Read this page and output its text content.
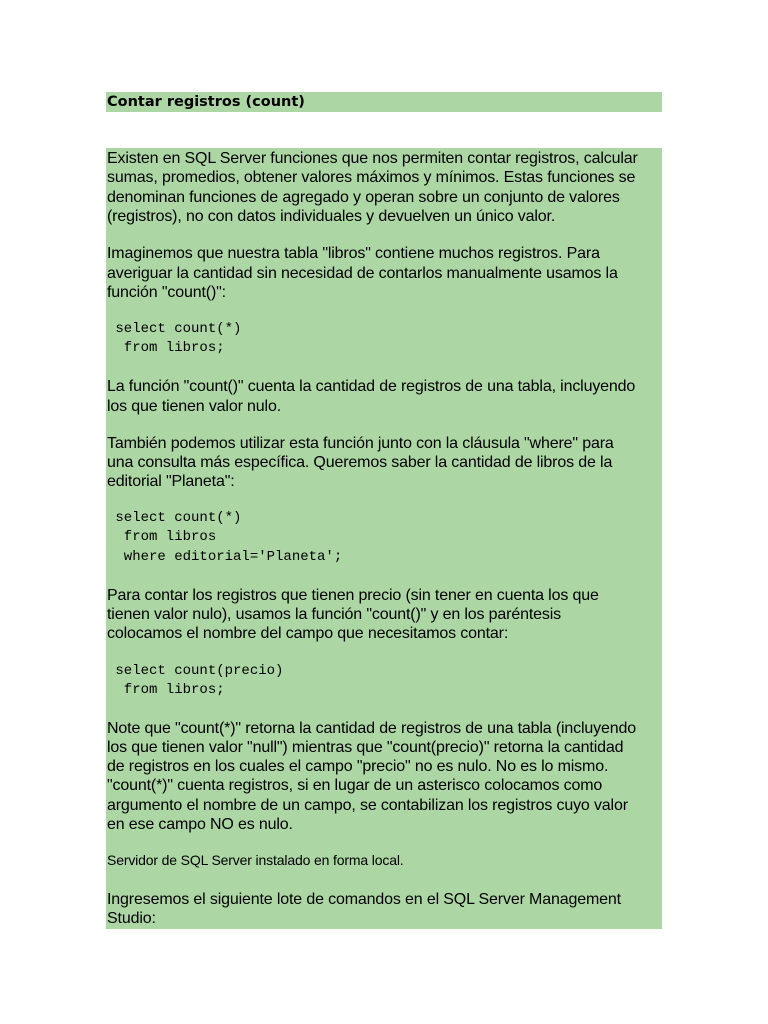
Contar registros (count)
Existen en SQL Server funciones que nos permiten contar registros, calcular
sumas, promedios, obtener valores máximos y mínimos. Estas funciones se
denominan funciones de agregado y operan sobre un conjunto de valores
(registros), no con datos individuales y devuelven un único valor.
Imaginemos que nuestra tabla "libros" contiene muchos registros. Para
averiguar la cantidad sin necesidad de contarlos manualmente usamos la
función "count()":
select count(*)
from libros;
La función "count()" cuenta la cantidad de registros de una tabla, incluyendo
los que tienen valor nulo.
También podemos utilizar esta función junto con la cláusula "where" para
una consulta más específica. Queremos saber la cantidad de libros de la
editorial "Planeta":
select count(*)
from libros
where editorial='Planeta';
Para contar los registros que tienen precio (sin tener en cuenta los que
tienen valor nulo), usamos la función "count()" y en los paréntesis
colocamos el nombre del campo que necesitamos contar:
select count(precio)
from libros;
Note que "count(*)" retorna la cantidad de registros de una tabla (incluyendo
los que tienen valor "null") mientras que "count(precio)" retorna la cantidad
de registros en los cuales el campo "precio" no es nulo. No es lo mismo.
"count(*)" cuenta registros, si en lugar de un asterisco colocamos como
argumento el nombre de un campo, se contabilizan los registros cuyo valor
en ese campo NO es nulo.
Servidor de SQL Server instalado en forma local.
Ingresemos el siguiente lote de comandos en el SQL Server Management
Studio:
